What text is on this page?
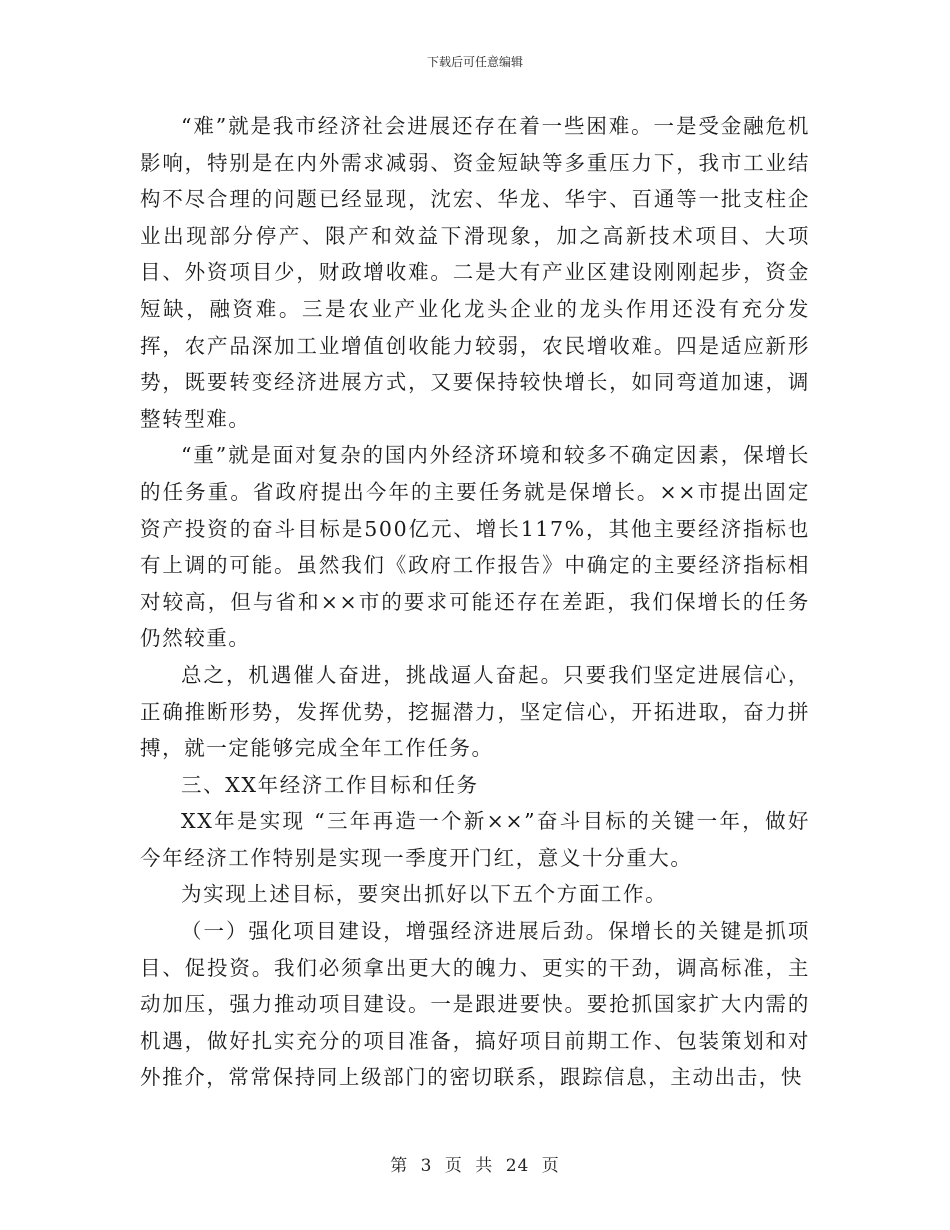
下载后可任意编辑

“难”就是我市经济社会进展还存在着一些困难。一是受金融危机影响，特别是在内外需求减弱、资金短缺等多重压力下，我市工业结构不尽合理的问题已经显现，沈宏、华龙、华宇、百通等一批支柱企业出现部分停产、限产和效益下滑现象，加之高新技术项目、大项目、外资项目少，财政增收难。二是大有产业区建设刚刚起步，资金短缺，融资难。三是农业产业化龙头企业的龙头作用还没有充分发挥，农产品深加工业增值创收能力较弱，农民增收难。四是适应新形势，既要转变经济进展方式，又要保持较快增长，如同弯道加速，调整转型难。

“重”就是面对复杂的国内外经济环境和较多不确定因素，保增长的任务重。省政府提出今年的主要任务就是保增长。××市提出固定资产投资的奋斗目标是500亿元、增长117%，其他主要经济指标也有上调的可能。虽然我们《政府工作报告》中确定的主要经济指标相对较高，但与省和××市的要求可能还存在差距，我们保增长的任务仍然较重。

总之，机遇催人奋进，挑战逼人奋起。只要我们坚定进展信心，正确推断形势，发挥优势，挖掘潜力，坚定信心，开拓进取，奋力拼搏，就一定能够完成全年工作任务。

三、XX年经济工作目标和任务

XX年是实现 “三年再造一个新××”奋斗目标的关键一年，做好今年经济工作特别是实现一季度开门红，意义十分重大。

为实现上述目标，要突出抓好以下五个方面工作。

（一）强化项目建设，增强经济进展后劲。保增长的关键是抓项目、促投资。我们必须拿出更大的魄力、更实的干劲，调高标准，主动加压，强力推动项目建设。一是跟进要快。要抢抓国家扩大内需的机遇，做好扎实充分的项目准备，搞好项目前期工作、包装策划和对外推介，常常保持同上级部门的密切联系，跟踪信息，主动出击，快

第 3 页 共 24 页
